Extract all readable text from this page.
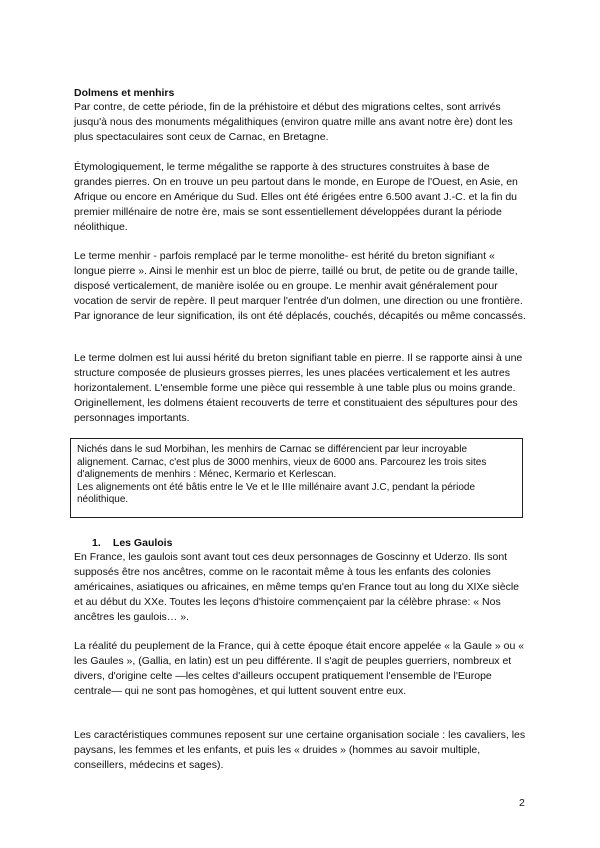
Dolmens et menhirs

Par contre, de cette période, fin de la préhistoire et début des migrations celtes, sont arrivés jusqu'à nous des monuments mégalithiques (environ quatre mille ans avant notre ère) dont les plus spectaculaires sont ceux de Carnac, en Bretagne.

Étymologiquement, le terme mégalithe se rapporte à des structures construites à base de grandes pierres. On en trouve un peu partout dans le monde, en Europe de l'Ouest, en Asie, en Afrique ou encore en Amérique du Sud. Elles ont été érigées entre 6.500 avant J.-C. et la fin du premier millénaire de notre ère, mais se sont essentiellement développées durant la période néolithique.

Le terme menhir - parfois remplacé par le terme monolithe- est hérité du breton signifiant « longue pierre ». Ainsi le menhir est un bloc de pierre, taillé ou brut, de petite ou de grande taille, disposé verticalement, de manière isolée ou en groupe. Le menhir avait généralement pour vocation de servir de repère. Il peut marquer l'entrée d'un dolmen, une direction ou une frontière. Par ignorance de leur signification, ils ont été déplacés, couchés, décapités ou même concassés.

Le terme dolmen est lui aussi hérité du breton signifiant table en pierre. Il se rapporte ainsi à une structure composée de plusieurs grosses pierres, les unes placées verticalement et les autres horizontalement. L'ensemble forme une pièce qui ressemble à une table plus ou moins grande. Originellement, les dolmens étaient recouverts de terre et constituaient des sépultures pour des personnages importants.

Nichés dans le sud Morbihan, les menhirs de Carnac se différencient par leur incroyable alignement. Carnac, c'est plus de 3000 menhirs, vieux de 6000 ans. Parcourez les trois sites d'alignements de menhirs : Ménec, Kermario et Kerlescan.

Les alignements ont été bâtis entre le Ve et le IIIe millénaire avant J.C, pendant la période néolithique.

1. Les Gaulois

En France, les gaulois sont avant tout ces deux personnages de Goscinny et Uderzo. Ils sont supposés être nos ancêtres, comme on le racontait même à tous les enfants des colonies américaines, asiatiques ou africaines, en même temps qu'en France tout au long du XIXe siècle et au début du XXe. Toutes les leçons d'histoire commençaient par la célèbre phrase: « Nos ancêtres les gaulois… ».

La réalité du peuplement de la France, qui à cette époque était encore appelée « la Gaule » ou « les Gaules », (Gallia, en latin) est un peu différente. Il s'agit de peuples guerriers, nombreux et divers, d'origine celte —les celtes d'ailleurs occupent pratiquement l'ensemble de l'Europe centrale— qui ne sont pas homogènes, et qui luttent souvent entre eux.

Les caractéristiques communes reposent sur une certaine organisation sociale : les cavaliers, les paysans, les femmes et les enfants, et puis les « druides » (hommes au savoir multiple, conseillers, médecins et sages).

2
